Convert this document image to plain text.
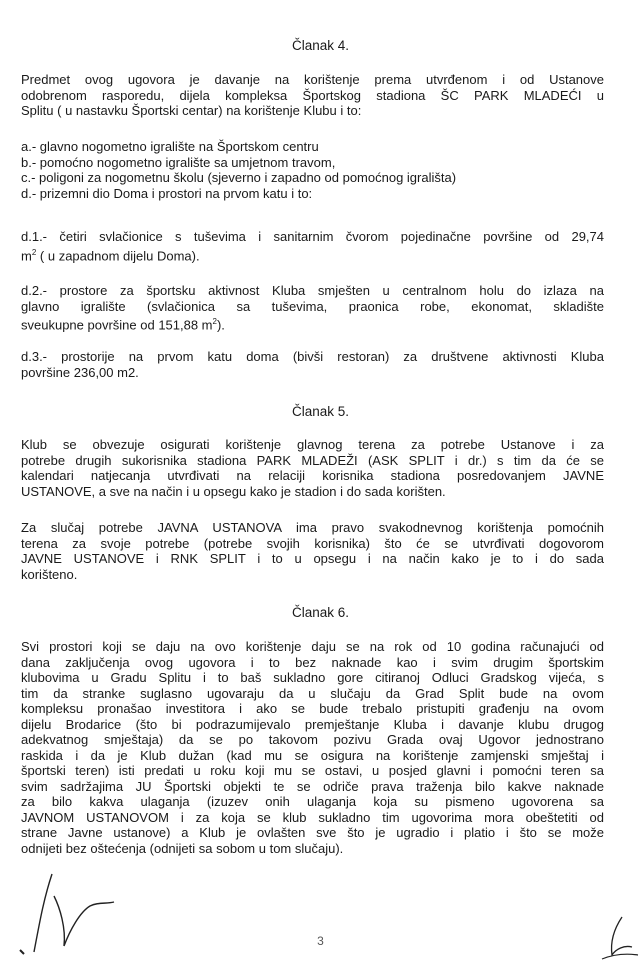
Članak 4.
Predmet ovog ugovora je davanje na korištenje prema utvrđenom i od Ustanove
odobrenom rasporedu, dijela kompleksa Športskog stadiona ŠC PARK MLADEĆI u
Splitu ( u nastavku Športski centar) na korištenje Klubu i to:
a.- glavno nogometno igralište na Športskom centru
b.- pomoćno nogometno igralište sa umjetnom travom,
c.- poligoni za nogometnu školu (sjeverno i zapadno od pomoćnog igrališta)
d.- prizemni dio Doma i prostori na prvom katu i to:
d.1.- četiri svlačionice s tuševima i sanitarnim čvorom pojedinačne površine od 29,74
$m^2$ ( u zapadnom dijelu Doma).
d.2.- prostore za športsku aktivnost Kluba smješten u centralnom holu do izlaza na
glavno igralište (svlačionica sa tuševima, praonica robe, ekonomat, skladište
sveukupne površine od 151,88 $m^2$).
d.3.- prostorije na prvom katu doma (bivši restoran) za društvene aktivnosti Kluba
površine 236,00 m2.
Članak 5.
Klub se obvezuje osigurati korištenje glavnog terena za potrebe Ustanove i za
potrebe drugih sukorisnika stadiona PARK MLADEŽI (ASK SPLIT i dr.) s tim da će se
kalendari natjecanja utvrđivati na relaciji korisnika stadiona posredovanjem JAVNE
USTANOVE, a sve na način i u opsegu kako je stadion i do sada korišten.
Za slučaj potrebe JAVNA USTANOVA ima pravo svakodnevnog korištenja pomoćnih
terena za svoje potrebe (potrebe svojih korisnika) što će se utvrđivati dogovorom
JAVNE USTANOVE i RNK SPLIT i to u opsegu i na način kako je to i do sada
korišteno.
Članak 6.
Svi prostori koji se daju na ovo korištenje daju se na rok od 10 godina računajući od
dana zaključenja ovog ugovora i to bez naknade kao i svim drugim športskim
klubovima u Gradu Splitu i to baš sukladno gore citiranoj Odluci Gradskog vijeća, s
tim da stranke suglasno ugovaraju da u slučaju da Grad Split bude na ovom
kompleksu pronašao investitora i ako se bude trebalo pristupiti građenju na ovom
dijelu Brodarice (što bi podrazumijevalo premještanje Kluba i davanje klubu drugog
adekvatnog smještaja) da se po takovom pozivu Grada ovaj Ugovor jednostrano
raskida i da je Klub dužan (kad mu se osigura na korištenje zamjenski smještaj i
športski teren) isti predati u roku koji mu se ostavi, u posjed glavni i pomoćni teren sa
svim sadržajima JU Športski objekti te se odriče prava traženja bilo kakve naknade
za bilo kakva ulaganja (izuzev onih ulaganja koja su pismeno ugovorena sa
JAVNOM USTANOVOM i za koja se klub sukladno tim ugovorima mora obeštetiti od
strane Javne ustanove) a Klub je ovlašten sve što je ugradio i platio i što se može
odnijeti bez oštećenja (odnijeti sa sobom u tom slučaju).
3
